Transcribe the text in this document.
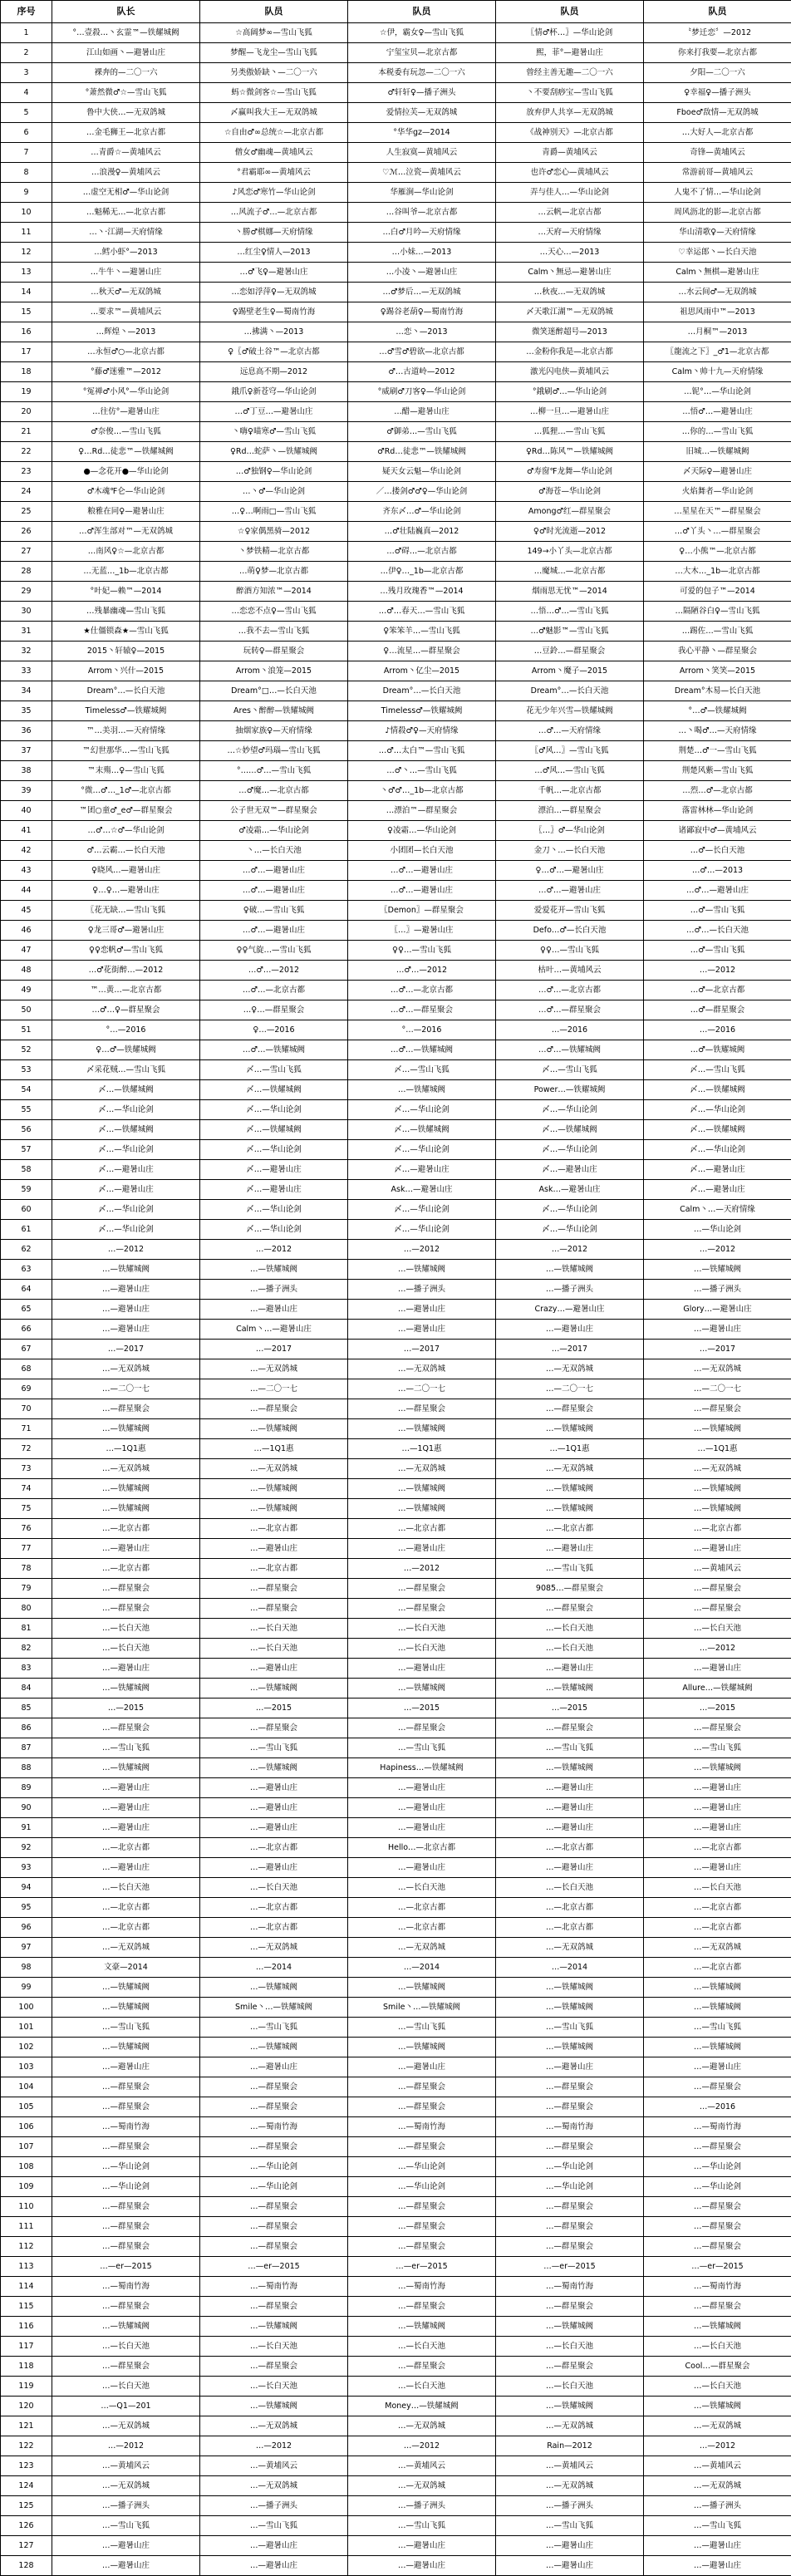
序号	队长	队员	队员	队员	队员
1	°…壹殺…丶玄霊™—铁耀城阙	☆高阔梦∞—雪山飞狐	☆伊，霸女♀—雪山飞狐	〖情♂杯…〗—华山论剑	〝梦迁恋〞—2012
2	江山如画丶—避暑山庄	梦醒—飞龙尘—雪山飞狐	宁玺宝贝—北京古都	熙，菲°—避暑山庄	你来打我要—北京古都
3	裸奔的—二〇一六	另类傲娇缺丶—二〇一六	本税委有玩忽—二〇一六	曾经主善无趣—二〇一六	夕阳—二〇一六
4	°萧然微♂☆—雪山飞狐	蚂☆微剑客☆—雪山飞狐	♂轩轩♀—播子洲头	丶不要刮痧宝—雪山飞狐	♀幸福♀—播子洲头
5	鲁中大侠…—无双鸽城	〆赢叫我大王—无双鸽城	爱情拉芙—无双鸽城	放弃伊人共享—无双鸽城	Fboe♂敌情—无双鸽城
6	…金毛狮王—北京古都	☆自由♂∞总统☆—北京古都	°华华gz—2014	《战神别天》—北京古都	…大好人—北京古都
7	…青爵☆—黄埔风云	僧女♂幽魂—黄埔风云	人生寂寞—黄埔风云	青爵—黄埔风云	奇锋—黄埔风云
8	…浪漫♀—黄埔风云	°君霸耶∞—黄埔风云	♡ℳ…泣瓷—黄埔风云	也许♂恋心—黄埔风云	常游前哥—黄埔风云
9	…虚空无相♂—华山论剑	♪风恋♂寒竹—华山论剑	华雁涧—华山论剑	弄与佳人…—华山论剑	人鬼不了情…—华山论剑
10	…魁稀无…—北京古都	…风流子♂…—北京古都	…谷叫爷—北京古都	…云帆—北京古都	周风沥北的影—北京古都
11	…丶·江湖—天府情缘	丶勝♂棋娜—天府情缘	…白♂月吟—天府情缘	…天府—天府情缘	华山清歌♀—天府情缘
12	…鳕小虾°—2013	…红尘♀情人—2013	…小妹…—2013	…天心…—2013	♡幸运郎丶—长白天池
13	…牛牛丶—避暑山庄	…♂飞♀—避暑山庄	…小凌丶—避暑山庄	Calm丶無忌—避暑山庄	Calm丶無棋—避暑山庄
14	…秋天♂—无双鸽城	…恋如浮萍♀—无双鸽城	…♂梦后…—无双鸽城	…秋夜…—无双鸽城	…水云间♂—无双鸽城
15	…要求™—黄埔风云	♀踢壁老生♀—蜀南竹海	♀踢谷老葫♀—蜀南竹海	〆天歌江湖™—无双鸽城	祖思风雨中™—2013
16	…辉煌丶—2013	…拂满丶—2013	…恋丶—2013	微笑迷醉超号—2013	…月桐™—2013
17	…永恒♂○—北京古都	♀〖♂破土谷™—北京古都	…♂雪♂碧欲—北京古都	…金粉你我是—北京古都	〖龍流之下〗_♂1—北京古都
18	°藤♂迷雅™—2012	远息高不期—2012	♂…古道岭—2012	激光闪电侠—黄埔风云	Calm丶帅十九—天府情缘
19	°冤禅♂小风°—华山论剑	鋨爪♀新苍穹—华山论剑	°威刷♂刀客♀—华山论剑	°鋨刷♂…—华山论剑	…铌°…—华山论剑
20	…往仿°—避暑山庄	…♂丁豆…—避暑山庄	…醋—避暑山庄	…柳一旦…—避暑山庄	…悟♂…—避暑山庄
21	♂奈俊…—雪山飞狐	丶嗨♀喵寒♂—雪山飞狐	♂御弟…—雪山飞狐	…狐狸…—雪山飞狐	…你的…—雪山飞狐
22	♀…Rd…徒悲™—铁耀城阙	♀Rd…蛇萨丶—铁耀城阙	♂Rd…徒悲™—铁耀城阙	♀Rd…陈风™—铁耀城阙	旧城…—铁耀城阙
23	●—念花开●—华山论剑	…♂独钢♀—华山论剑	疑天女云魁—华山论剑	♂寿窗℉龙舞—华山论剑	〆天际♀—避暑山庄
24	♂木魂℉仑—华山论剑	…丶♂—华山论剑	／…搂剑♂♂♀—华山论剑	♂海苍—华山论剑	火焰舞者—华山论剑
25	粮雅在同♀—避暑山庄	…♀…啊雨□—雪山飞狐	齐东〆…♂—华山论剑	Among♂红—群星聚会	…星星在天™—群星聚会
26	…♂浑生部对™—无双鸽城	☆♀家偶黑骑—2012	…♂壮陆巍真—2012	♀♂时光流逝—2012	…♂丫头丶…—群星聚会
27	…南风♀☆—北京古都	丶梦铁精—北京古都	…♂碍…—北京古都	149→小丫头—北京古都	♀…小熊™—北京古都
28	…无蓝…_1b—北京古都	…萌♀梦—北京古都	…伊♀…_1b—北京古都	…魔城…—北京古都	…大木…_1b—北京古都
29	°叶妃—赖™—2014	醉酒方知浓™—2014	…残月玫瑰香™—2014	烟雨思无忧™—2014	可爱的包子™—2014
30	…残暴幽魂—雪山飞狐	…恋恋不点♀—雪山飞狐	…♂…春天…—雪山飞狐	…悟…♂…—雪山飞狐	…隔陋谷白♀—雪山飞狐
31	★仕僵锁森★—雪山飞狐	…我不去—雪山飞狐	♀笨笨羊…—雪山飞狐	…♂魅影™—雪山飞狐	…踢佐…—雪山飞狐
32	2015丶轩辕♀—2015	玩转♀—群星聚会	♀…流星…—群星聚会	…豆鈴…—群星聚会	我心平静丶—群星聚会
33	Arrom丶兴什—2015	Arrom丶浪笼—2015	Arrom丶亿尘—2015	Arrom丶魔子—2015	Arrom丶笑笑—2015
34	Dream°…—长白天池	Dream°□…—长白天池	Dream°…—长白天池	Dream°…—长白天池	Dream°木易—长白天池
35	Timeless♂—铁耀城阙	Ares丶醉醉—铁耀城阙	Timeless♂—铁耀城阙	花无少年兴雪—铁耀城阙	°…♂—铁耀城阙
36	™…美羽…—天府情缘	抽烟家族♀—天府情缘	♪情殺♂♀—天府情缘	…♂…—天府情缘	…丶喝♂…—天府情缘
37	™幻世那华…—雪山飞狐	…☆妙望♂玛瑙—雪山飞狐	…♂…太白™—雪山飞狐	〖♂风…〗—雪山飞狐	荆楚…♂一—雪山飞狐
38	™末殤…♀—雪山飞狐	°……♂…—雪山飞狐	…♂丶…—雪山飞狐	…♂风…—雪山飞狐	荆楚风紫—雪山飞狐
39	°微…♂…_1♂—北京古都	…♂魔…—北京古都	丶♂♂…_1b—北京古都	千帆…—北京古都	…烈…♂—北京古都
40	™团○童♂_e♂—群星聚会	公子世无双™—群星聚会	…漂泊™—群星聚会	漂泊…—群星聚会	落雷林林—华山论剑
41	…♂…☆♂—华山论剑	♂凌霜…—华山论剑	♀凌霜…—华山论剑	〖…〗♂—华山论剑	诸鄙寂中♂—黄埔风云
42	♂…云霸…—长白天池	丶…—长白天池	小团团—长白天池	金刀丶…—长白天池	…♂—长白天池
43	♀晓风…—避暑山庄	…♂…—避暑山庄	…♂…—避暑山庄	♀…♂…—避暑山庄	…♂…—2013
44	♀…♀…—避暑山庄	…♂…—避暑山庄	…♂…—避暑山庄	…♂…—避暑山庄	…♂…—避暑山庄
45	〖花无缺…—雪山飞狐	♀破…—雪山飞狐	〖Demon〗—群星聚会	爱爱花开—雪山飞狐	…♂—雪山飞狐
46	♀龙三哥♂—避暑山庄	…♂…—避暑山庄	〖…〗—避暑山庄	Defo…♂—长白天池	…♂…—长白天池
47	♀♀恋帆♂—雪山飞狐	♀♀气旋…—雪山飞狐	♀♀…—雪山飞狐	♀♀…—雪山飞狐	…♂—雪山飞狐
48	…♂花街醉…—2012	…♂…—2012	…♂…—2012	枯叶…—黄埔风云	…—2012
49	™…黄…—北京古都	…♂…—北京古都	…♂…—北京古都	…♂…—北京古都	…♂—北京古都
50	…♂…♀—群星聚会	…♀…—群星聚会	…♂…—群星聚会	…♂…—群星聚会	…♂—群星聚会
51	°…—2016	♀…—2016	°…—2016	…—2016	…—2016
52	♀…♂—铁耀城阙	…♂…—铁耀城阙	…♂…—铁耀城阙	…♂…—铁耀城阙	…♂—铁耀城阙
53	〆采花贼…—雪山飞狐	〆…—雪山飞狐	〆…—雪山飞狐	〆…—雪山飞狐	〆…—雪山飞狐
54	〆…—铁耀城阙	〆…—铁耀城阙	…—铁耀城阙	Power…—铁耀城阙	〆…—铁耀城阙
55	〆…—华山论剑	〆…—华山论剑	〆…—华山论剑	〆…—华山论剑	〆…—华山论剑
56	〆…—铁耀城阙	〆…—铁耀城阙	〆…—铁耀城阙	〆…—铁耀城阙	〆…—铁耀城阙
57	〆…—华山论剑	〆…—华山论剑	〆…—华山论剑	〆…—华山论剑	〆…—华山论剑
58	〆…—避暑山庄	〆…—避暑山庄	〆…—避暑山庄	〆…—避暑山庄	〆…—避暑山庄
59	〆…—避暑山庄	〆…—避暑山庄	Ask…—避暑山庄	Ask…—避暑山庄	〆…—避暑山庄
60	〆…—华山论剑	〆…—华山论剑	〆…—华山论剑	〆…—华山论剑	Calm丶…—天府情缘
61	〆…—华山论剑	〆…—华山论剑	〆…—华山论剑	〆…—华山论剑	…—华山论剑
62	…—2012	…—2012	…—2012	…—2012	…—2012
63	…—铁耀城阙	…—铁耀城阙	…—铁耀城阙	…—铁耀城阙	…—铁耀城阙
64	…—避暑山庄	…—播子洲头	…—播子洲头	…—播子洲头	…—播子洲头
65	…—避暑山庄	…—避暑山庄	…—避暑山庄	Crazy…—避暑山庄	Glory…—避暑山庄
66	…—避暑山庄	Calm丶…—避暑山庄	…—避暑山庄	…—避暑山庄	…—避暑山庄
67	…—2017	…—2017	…—2017	…—2017	…—2017
68	…—无双鸽城	…—无双鸽城	…—无双鸽城	…—无双鸽城	…—无双鸽城
69	…—二〇一七	…—二〇一七	…—二〇一七	…—二〇一七	…—二〇一七
70	…—群星聚会	…—群星聚会	…—群星聚会	…—群星聚会	…—群星聚会
71	…—铁耀城阙	…—铁耀城阙	…—铁耀城阙	…—铁耀城阙	…—铁耀城阙
72	…—1Q1惠	…—1Q1惠	…—1Q1惠	…—1Q1惠	…—1Q1惠
73	…—无双鸽城	…—无双鸽城	…—无双鸽城	…—无双鸽城	…—无双鸽城
74	…—铁耀城阙	…—铁耀城阙	…—铁耀城阙	…—铁耀城阙	…—铁耀城阙
75	…—铁耀城阙	…—铁耀城阙	…—铁耀城阙	…—铁耀城阙	…—铁耀城阙
76	…—北京古都	…—北京古都	…—北京古都	…—北京古都	…—北京古都
77	…—避暑山庄	…—避暑山庄	…—避暑山庄	…—避暑山庄	…—避暑山庄
78	…—北京古都	…—北京古都	…—2012	…—雪山飞狐	…—黄埔风云
79	…—群星聚会	…—群星聚会	…—群星聚会	9085…—群星聚会	…—群星聚会
80	…—群星聚会	…—群星聚会	…—群星聚会	…—群星聚会	…—群星聚会
81	…—长白天池	…—长白天池	…—长白天池	…—长白天池	…—长白天池
82	…—长白天池	…—长白天池	…—长白天池	…—长白天池	…—2012
83	…—避暑山庄	…—避暑山庄	…—避暑山庄	…—避暑山庄	…—避暑山庄
84	…—铁耀城阙	…—铁耀城阙	…—铁耀城阙	…—铁耀城阙	Allure…—铁耀城阙
85	…—2015	…—2015	…—2015	…—2015	…—2015
86	…—群星聚会	…—群星聚会	…—群星聚会	…—群星聚会	…—群星聚会
87	…—雪山飞狐	…—雪山飞狐	…—雪山飞狐	…—雪山飞狐	…—雪山飞狐
88	…—铁耀城阙	…—铁耀城阙	Hapiness…—铁耀城阙	…—铁耀城阙	…—铁耀城阙
89	…—避暑山庄	…—避暑山庄	…—避暑山庄	…—避暑山庄	…—避暑山庄
90	…—避暑山庄	…—避暑山庄	…—避暑山庄	…—避暑山庄	…—避暑山庄
91	…—避暑山庄	…—避暑山庄	…—避暑山庄	…—避暑山庄	…—避暑山庄
92	…—北京古都	…—北京古都	Hello…—北京古都	…—北京古都	…—北京古都
93	…—避暑山庄	…—避暑山庄	…—避暑山庄	…—避暑山庄	…—避暑山庄
94	…—长白天池	…—长白天池	…—长白天池	…—长白天池	…—长白天池
95	…—北京古都	…—北京古都	…—北京古都	…—北京古都	…—北京古都
96	…—北京古都	…—北京古都	…—北京古都	…—北京古都	…—北京古都
97	…—无双鸽城	…—无双鸽城	…—无双鸽城	…—无双鸽城	…—无双鸽城
98	文豪—2014	…—2014	…—2014	…—2014	…—北京古都
99	…—铁耀城阙	…—铁耀城阙	…—铁耀城阙	…—铁耀城阙	…—铁耀城阙
100	…—铁耀城阙	Smile丶…—铁耀城阙	Smile丶…—铁耀城阙	…—铁耀城阙	…—铁耀城阙
101	…—雪山飞狐	…—雪山飞狐	…—雪山飞狐	…—雪山飞狐	…—雪山飞狐
102	…—铁耀城阙	…—铁耀城阙	…—铁耀城阙	…—铁耀城阙	…—铁耀城阙
103	…—避暑山庄	…—避暑山庄	…—避暑山庄	…—避暑山庄	…—避暑山庄
104	…—群星聚会	…—群星聚会	…—群星聚会	…—群星聚会	…—群星聚会
105	…—群星聚会	…—群星聚会	…—群星聚会	…—群星聚会	…—2016
106	…—蜀南竹海	…—蜀南竹海	…—蜀南竹海	…—蜀南竹海	…—蜀南竹海
107	…—群星聚会	…—群星聚会	…—群星聚会	…—群星聚会	…—群星聚会
108	…—华山论剑	…—华山论剑	…—华山论剑	…—华山论剑	…—华山论剑
109	…—华山论剑	…—华山论剑	…—华山论剑	…—华山论剑	…—华山论剑
110	…—群星聚会	…—群星聚会	…—群星聚会	…—群星聚会	…—群星聚会
111	…—群星聚会	…—群星聚会	…—群星聚会	…—群星聚会	…—群星聚会
112	…—群星聚会	…—群星聚会	…—群星聚会	…—群星聚会	…—群星聚会
113	…—er—2015	…—er—2015	…—er—2015	…—er—2015	…—er—2015
114	…—蜀南竹海	…—蜀南竹海	…—蜀南竹海	…—蜀南竹海	…—蜀南竹海
115	…—群星聚会	…—群星聚会	…—群星聚会	…—群星聚会	…—群星聚会
116	…—铁耀城阙	…—铁耀城阙	…—铁耀城阙	…—铁耀城阙	…—铁耀城阙
117	…—长白天池	…—长白天池	…—长白天池	…—长白天池	…—长白天池
118	…—群星聚会	…—群星聚会	…—群星聚会	…—群星聚会	Cool…—群星聚会
119	…—长白天池	…—长白天池	…—长白天池	…—长白天池	…—长白天池
120	…—Q1—201	…—铁耀城阙	Money…—铁耀城阙	…—铁耀城阙	…—铁耀城阙
121	…—无双鸽城	…—无双鸽城	…—无双鸽城	…—无双鸽城	…—无双鸽城
122	…—2012	…—2012	…—2012	Rain—2012	…—2012
123	…—黄埔风云	…—黄埔风云	…—黄埔风云	…—黄埔风云	…—黄埔风云
124	…—无双鸽城	…—无双鸽城	…—无双鸽城	…—无双鸽城	…—无双鸽城
125	…—播子洲头	…—播子洲头	…—播子洲头	…—播子洲头	…—播子洲头
126	…—雪山飞狐	…—雪山飞狐	…—雪山飞狐	…—雪山飞狐	…—雪山飞狐
127	…—避暑山庄	…—避暑山庄	…—避暑山庄	…—避暑山庄	…—避暑山庄
128	…—避暑山庄	…—避暑山庄	…—避暑山庄	…—避暑山庄	…—避暑山庄
